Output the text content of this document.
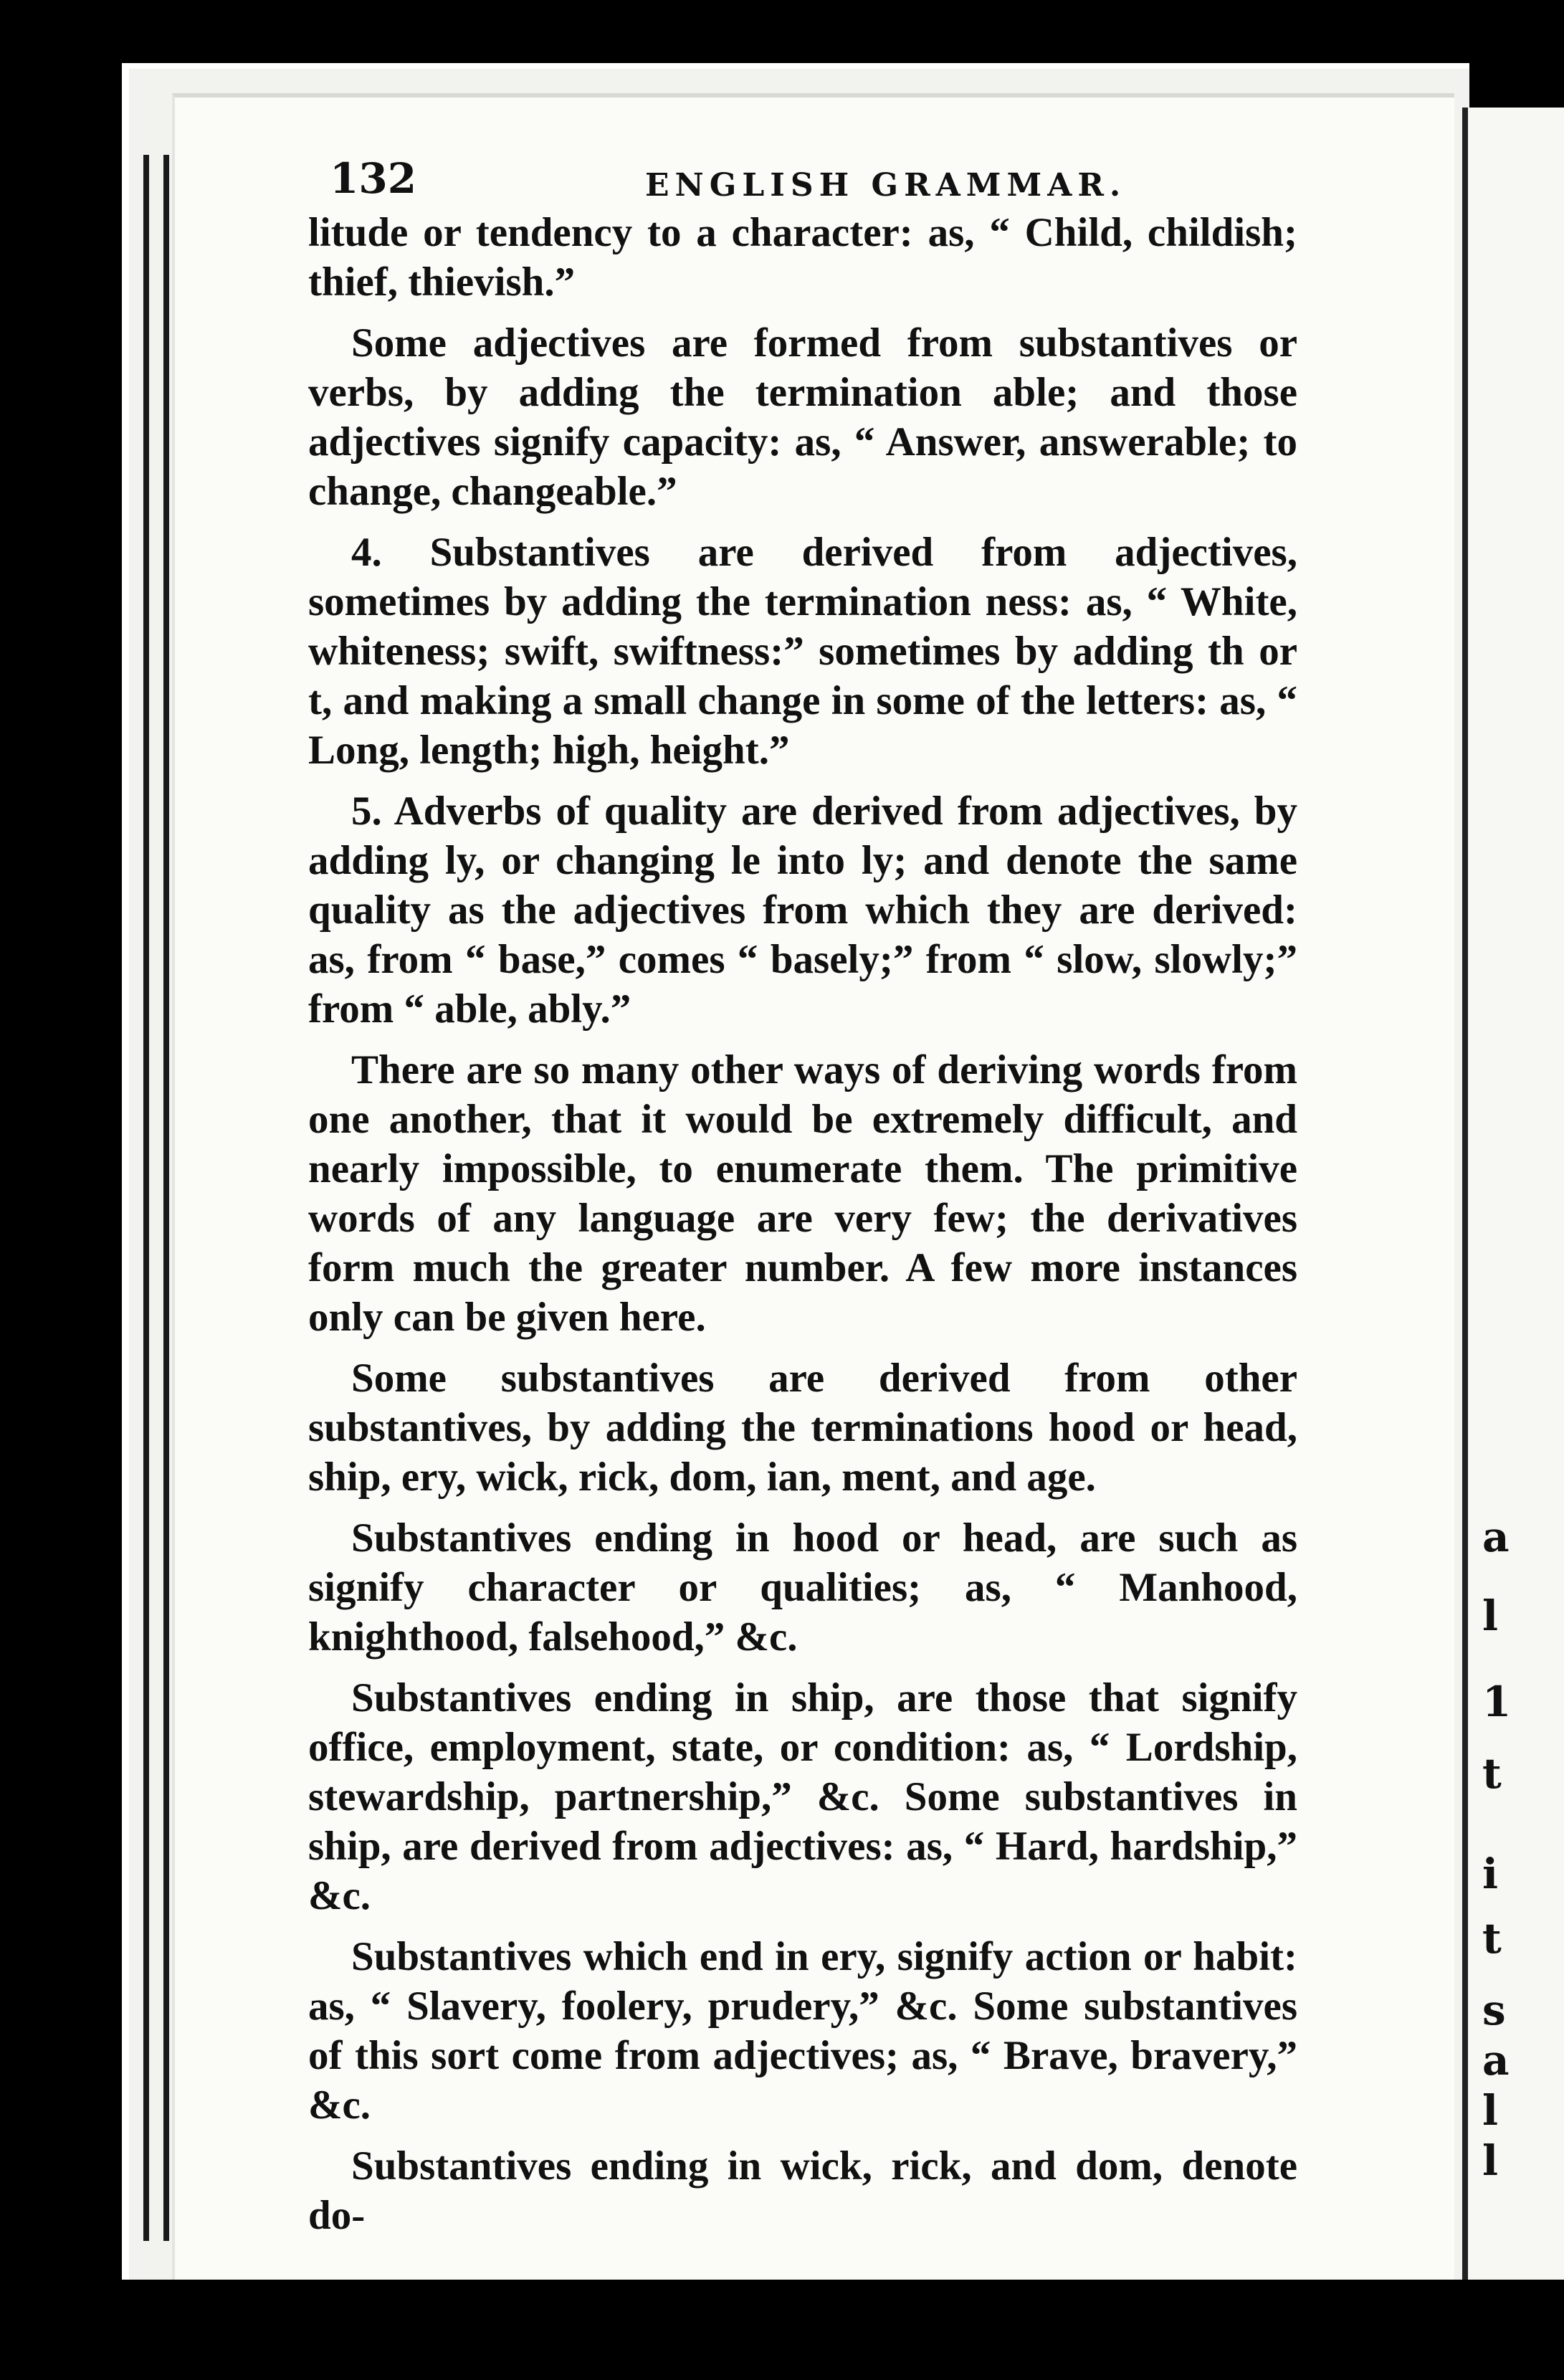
a
l
1
t
i
t
s
a
l
l
132	ENGLISH GRAMMAR.

litude or tendency to a character: as, “ Child, childish; thief, thievish.”

Some adjectives are formed from substantives or verbs, by adding the termination able; and those adjectives signify capacity: as, “ Answer, answerable; to change, changeable.”

4. Substantives are derived from adjectives, sometimes by adding the termination ness: as, “ White, whiteness; swift, swiftness:” sometimes by adding th or t, and making a small change in some of the letters: as, “ Long, length; high, height.”

5. Adverbs of quality are derived from adjectives, by adding ly, or changing le into ly; and denote the same quality as the adjectives from which they are derived: as, from “ base,” comes “ basely;” from “ slow, slowly;” from “ able, ably.”

There are so many other ways of deriving words from one another, that it would be extremely difficult, and nearly impossible, to enumerate them. The primitive words of any language are very few; the derivatives form much the greater number. A few more instances only can be given here.

Some substantives are derived from other substantives, by adding the terminations hood or head, ship, ery, wick, rick, dom, ian, ment, and age.

Substantives ending in hood or head, are such as signify character or qualities; as, “ Manhood, knighthood, falsehood,” &c.

Substantives ending in ship, are those that signify office, employment, state, or condition: as, “ Lordship, stewardship, partnership,” &c. Some substantives in ship, are derived from adjectives: as, “ Hard, hardship,” &c.

Substantives which end in ery, signify action or habit: as, “ Slavery, foolery, prudery,” &c. Some substantives of this sort come from adjectives; as, “ Brave, bravery,” &c.

Substantives ending in wick, rick, and dom, denote do-
